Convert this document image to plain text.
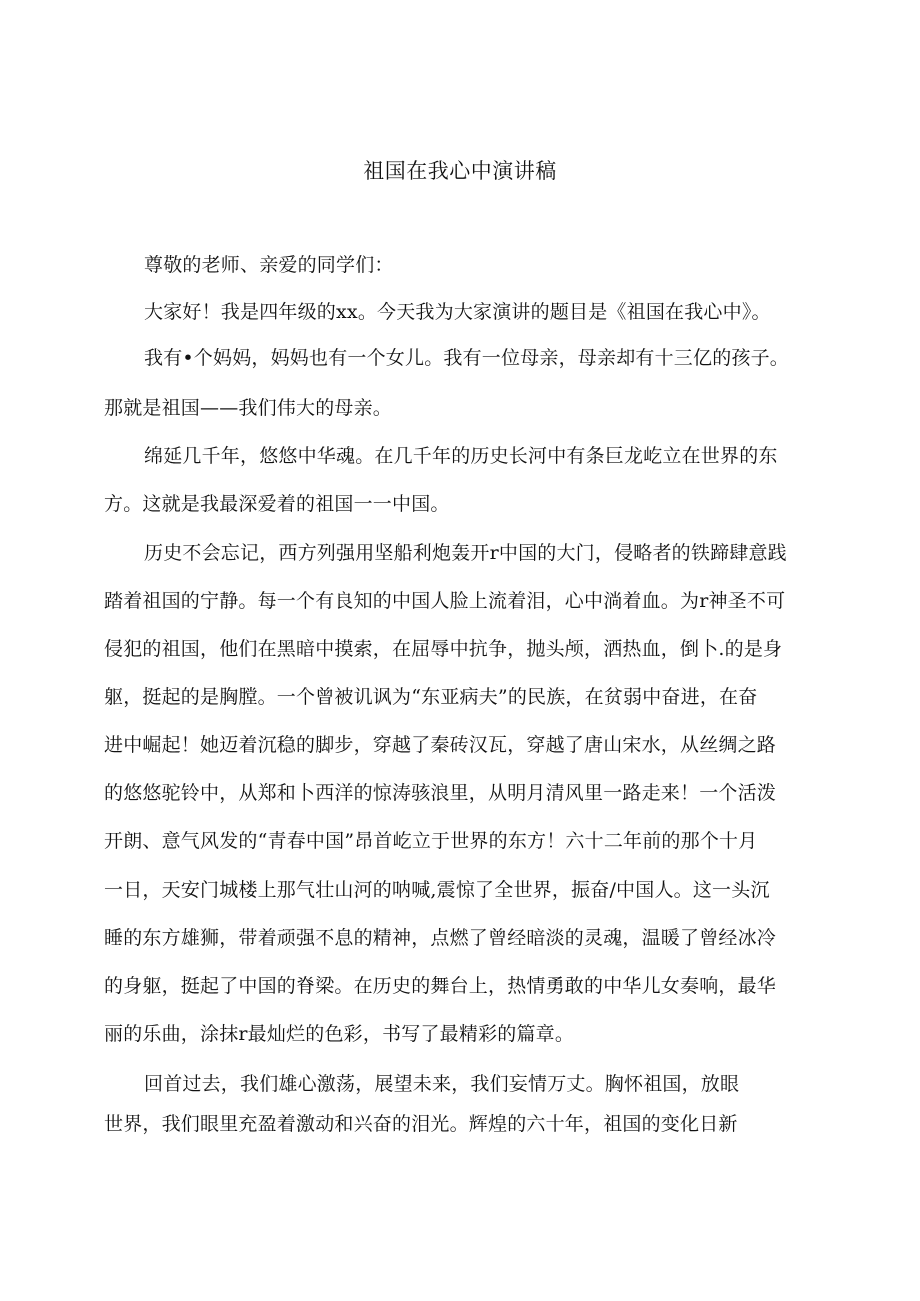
祖国在我心中演讲稿

尊敬的老师、亲爱的同学们：

大家好！我是四年级的xx。今天我为大家演讲的题目是《祖国在我心中》。

我有•个妈妈，妈妈也有一个女儿。我有一位母亲，母亲却有十三亿的孩子。

那就是祖国——我们伟大的母亲。

绵延几千年，悠悠中华魂。在几千年的历史长河中有条巨龙屹立在世界的东

方。这就是我最深爱着的祖国一一中国。

历史不会忘记，西方列强用坚船利炮轰开r中国的大门，侵略者的铁蹄肆意践

踏着祖国的宁静。每一个有良知的中国人脸上流着泪，心中淌着血。为r神圣不可

侵犯的祖国，他们在黑暗中摸索，在屈辱中抗争，抛头颅，洒热血，倒卜.的是身

躯，挺起的是胸膛。一个曾被讥讽为“东亚病夫”的民族，在贫弱中奋进，在奋

进中崛起！她迈着沉稳的脚步，穿越了秦砖汉瓦，穿越了唐山宋水，从丝绸之路

的悠悠驼铃中，从郑和卜西洋的惊涛骇浪里，从明月清风里一路走来！一个活泼

开朗、意气风发的“青春中国”昂首屹立于世界的东方！六十二年前的那个十月

一日，天安门城楼上那气壮山河的呐喊,震惊了全世界，振奋/中国人。这一头沉

睡的东方雄狮，带着顽强不息的精神，点燃了曾经暗淡的灵魂，温暖了曾经冰冷

的身躯，挺起了中国的脊梁。在历史的舞台上，热情勇敢的中华儿女奏响，最华

丽的乐曲，涂抹r最灿烂的色彩，书写了最精彩的篇章。

回首过去，我们雄心激荡，展望未来，我们妄情万丈。胸怀祖国，放眼

世界，我们眼里充盈着激动和兴奋的泪光。辉煌的六十年，祖国的变化日新
